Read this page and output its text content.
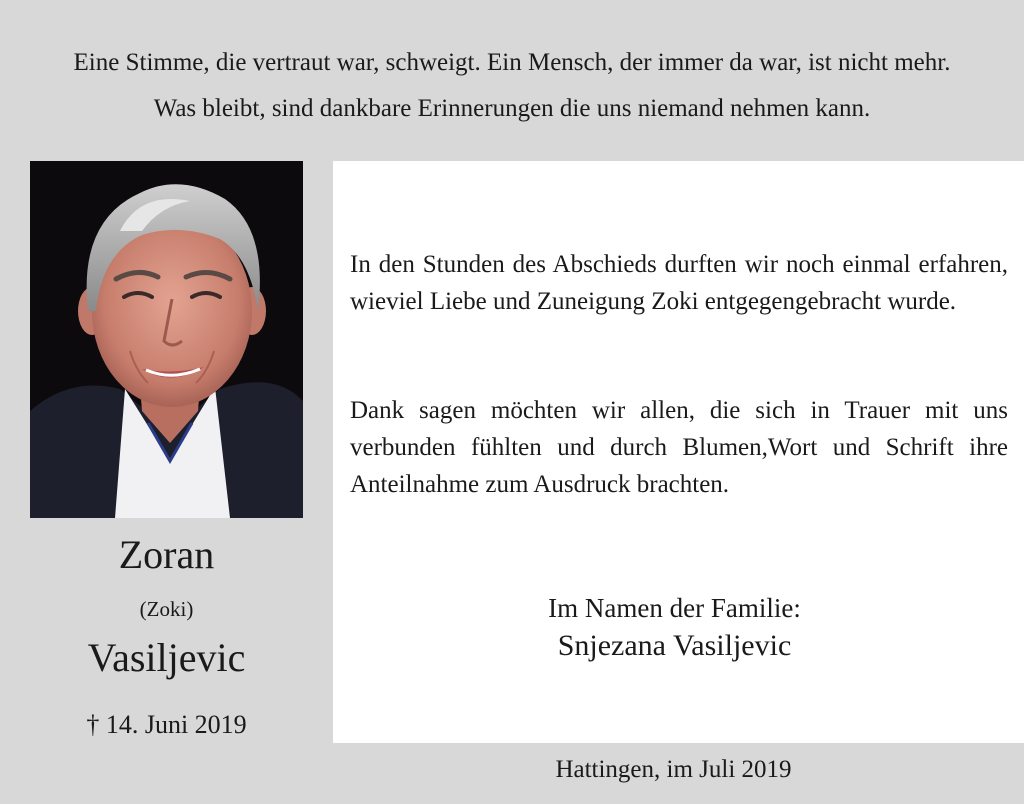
Eine Stimme, die vertraut war, schweigt. Ein Mensch, der immer da war, ist nicht mehr.
Was bleibt, sind dankbare Erinnerungen die uns niemand nehmen kann.
Zoran
(Zoki)
Vasiljevic
† 14. Juni 2019
In den Stunden des Abschieds durften wir noch einmal erfahren, wieviel Liebe und Zuneigung Zoki entgegengebracht wurde.
Dank sagen möchten wir allen, die sich in Trauer mit uns verbunden fühlten und durch Blumen,Wort und Schrift ihre Anteilnahme zum Ausdruck brachten.
Im Namen der Familie:
Snjezana Vasiljevic
Hattingen, im Juli 2019
